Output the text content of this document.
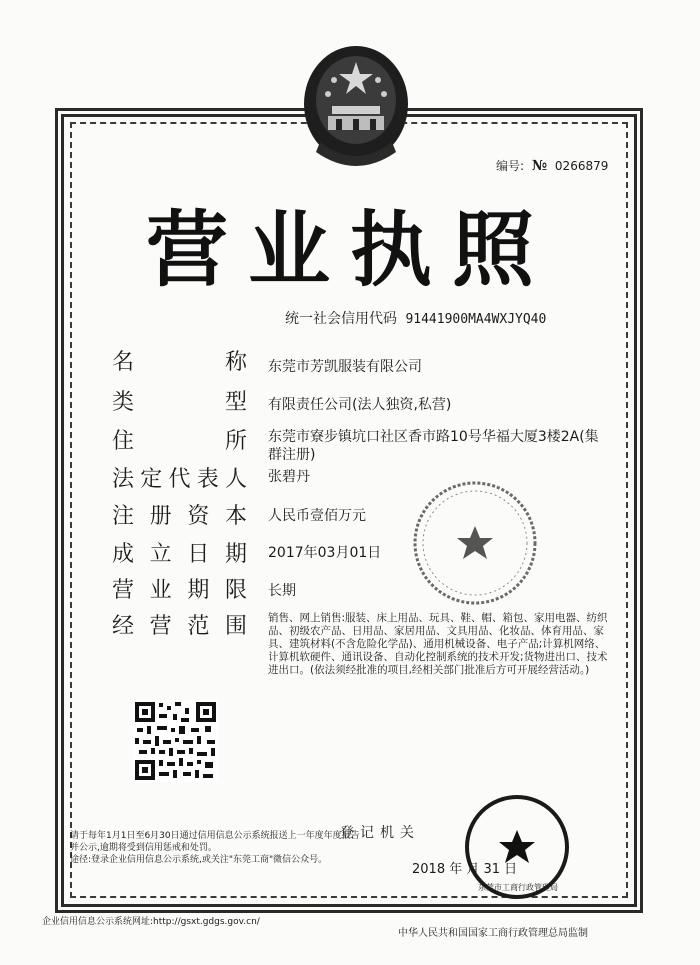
编号: № 0266879
营业执照
统一社会信用代码 91441900MA4WXJYQ40
名	称 东莞市芳凯服装有限公司
类	型 有限责任公司(法人独资,私营)
住	所 东莞市寮步镇坑口社区香市路10号华福大厦3楼2A(集群注册)
法 定 代 表 人 张碧丹
注 册 资 本 人民币壹佰万元
成 立 日 期 2017年03月01日
营 业 期 限 长期
经 营 范 围 销售、网上销售:服装、床上用品、玩具、鞋、帽、箱包、家用电器、纺织品、初级农产品、日用品、家居用品、文具用品、化妆品、体育用品、家具、建筑材料(不含危险化学品)、通用机械设备、电子产品;计算机网络、计算机软硬件、通讯设备、自动化控制系统的技术开发;货物进出口、技术进出口。(依法须经批准的项目,经相关部门批准后方可开展经营活动。)
登记机关
2018 年 月 31 日
东莞市工商行政管理局
请于每年1月1日至6月30日通过信用信息公示系统报送上一年度年度报告并公示,逾期将受到信用惩戒和处罚。
途径:登录企业信用信息公示系统,或关注"东莞工商"微信公众号。
企业信用信息公示系统网址:http://gsxt.gdgs.gov.cn/
中华人民共和国国家工商行政管理总局监制
